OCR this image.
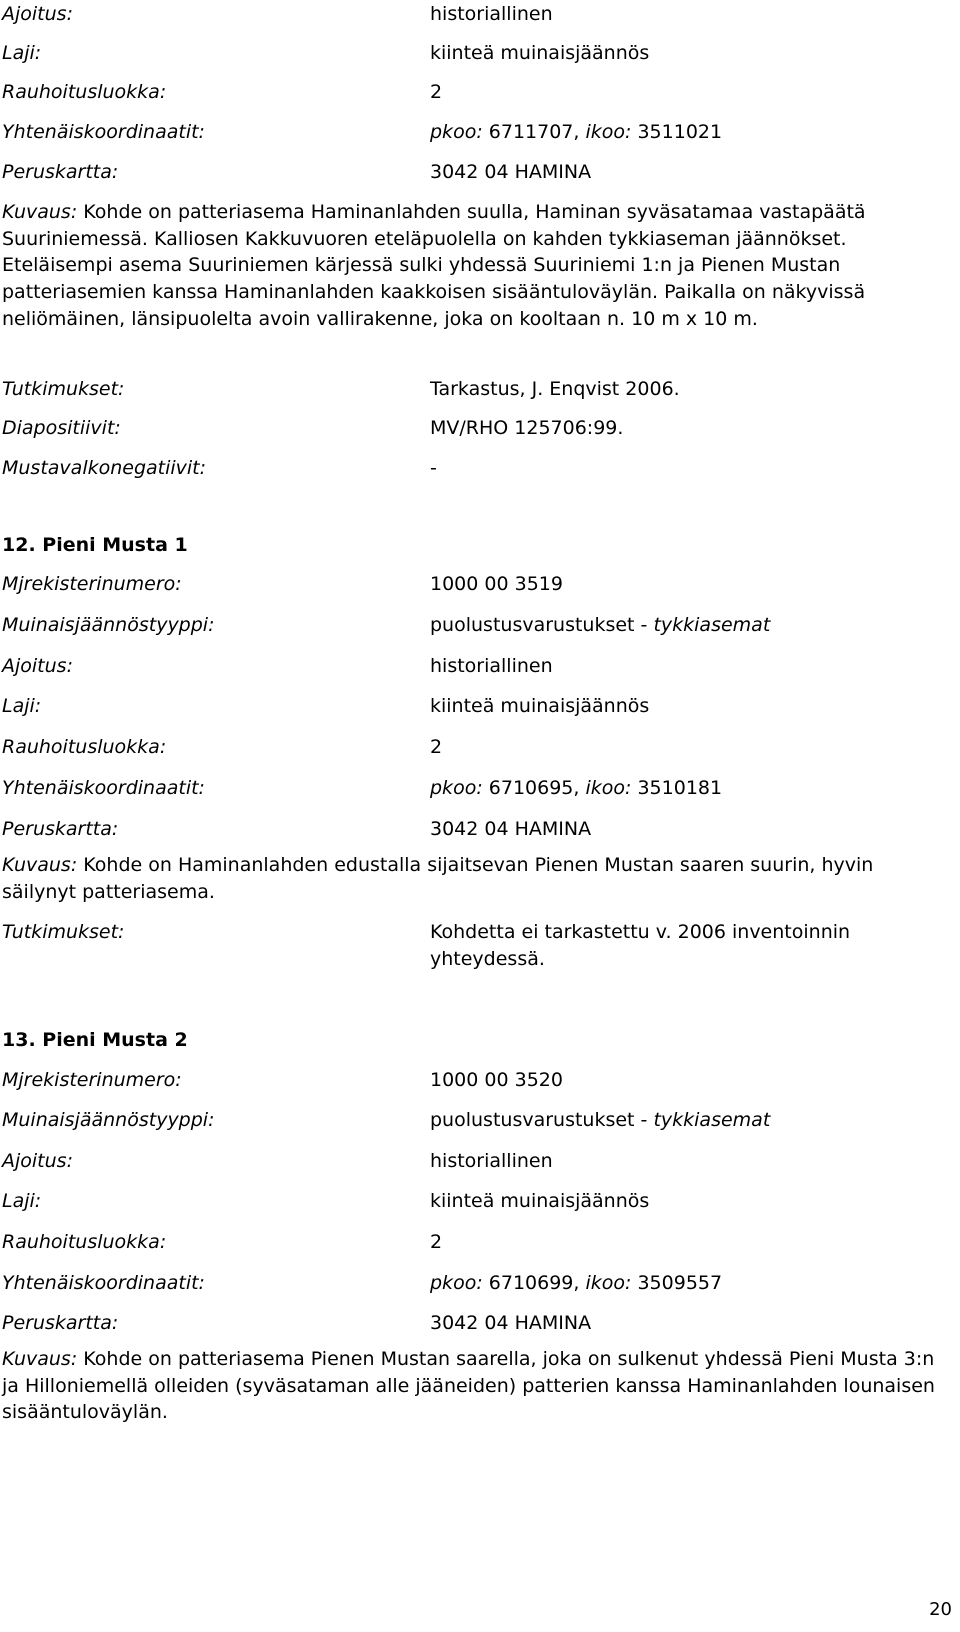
Ajoitus:	historiallinen
Laji:	kiinteä muinaisjäännös
Rauhoitusluokka:	2
Yhtenäiskoordinaatit:	pkoo: 6711707, ikoo: 3511021
Peruskartta:	3042 04 HAMINA
Kuvaus: Kohde on patteriasema Haminanlahden suulla, Haminan syväsatamaa vastapäätä Suuriniemessä. Kalliosen Kakkuvuoren eteläpuolella on kahden tykkiaseman jäännökset. Eteläisempi asema Suuriniemen kärjessä sulki yhdessä Suuriniemi 1:n ja Pienen Mustan patteriasemien kanssa Haminanlahden kaakkoisen sisääntuloväylän. Paikalla on näkyvissä neliömäinen, länsipuolelta avoin vallirakenne, joka on kooltaan n. 10 m x 10 m.
Tutkimukset:	Tarkastus, J. Enqvist 2006.
Diapositiivit:	MV/RHO 125706:99.
Mustavalkonegatiivit:	-
12. Pieni Musta 1
Mjrekisterinumero:	1000 00 3519
Muinaisjäännöstyyppi:	puolustusvarustukset - tykkiasemat
Ajoitus:	historiallinen
Laji:	kiinteä muinaisjäännös
Rauhoitusluokka:	2
Yhtenäiskoordinaatit:	pkoo: 6710695, ikoo: 3510181
Peruskartta:	3042 04 HAMINA
Kuvaus: Kohde on Haminanlahden edustalla sijaitsevan Pienen Mustan saaren suurin, hyvin säilynyt patteriasema.
Tutkimukset:	Kohdetta ei tarkastettu v. 2006 inventoinnin
yhteydessä.
13. Pieni Musta 2
Mjrekisterinumero:	1000 00 3520
Muinaisjäännöstyyppi:	puolustusvarustukset - tykkiasemat
Ajoitus:	historiallinen
Laji:	kiinteä muinaisjäännös
Rauhoitusluokka:	2
Yhtenäiskoordinaatit:	pkoo: 6710699, ikoo: 3509557
Peruskartta:	3042 04 HAMINA
Kuvaus: Kohde on patteriasema Pienen Mustan saarella, joka on sulkenut yhdessä Pieni Musta 3:n ja Hilloniemellä olleiden (syväsataman alle jääneiden) patterien kanssa Haminanlahden lounaisen sisääntuloväylän.
20
